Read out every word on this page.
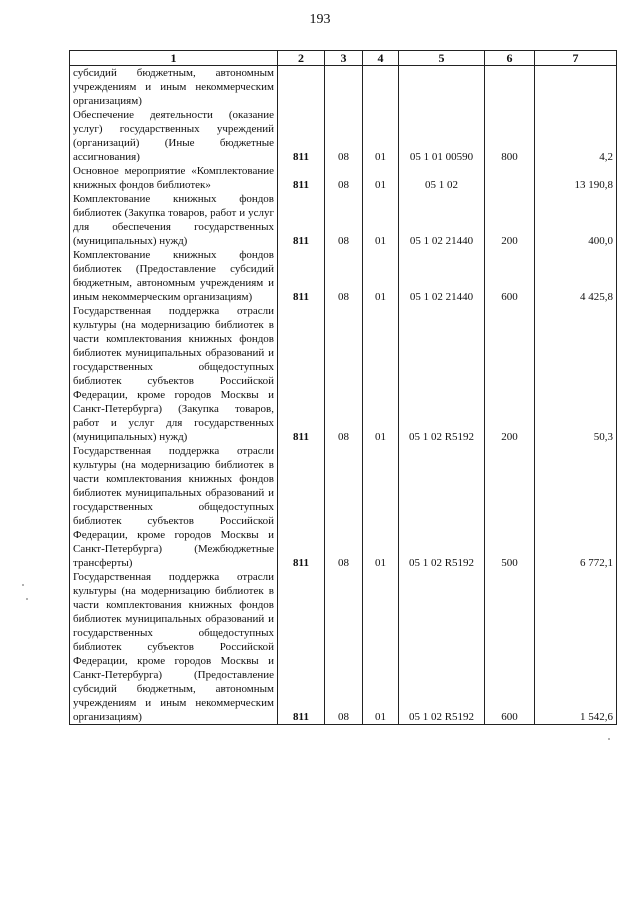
193
1	2	3	4	5	6	7
субсидий бюджетным, автономным учреждениям и иным некоммерческим организациям)						
Обеспечение деятельности (оказание услуг) государственных учреждений (организаций) (Иные бюджетные ассигнования)	811	08	01	05 1 01 00590	800	4,2
Основное мероприятие «Комплектование книжных фондов библиотек»	811	08	01	05 1 02		13 190,8
Комплектование книжных фондов библиотек (Закупка товаров, работ и услуг для обеспечения государственных (муниципальных) нужд)	811	08	01	05 1 02 21440	200	400,0
Комплектование книжных фондов библиотек (Предоставление субсидий бюджетным, автономным учреждениям и иным некоммерческим организациям)	811	08	01	05 1 02 21440	600	4 425,8
Государственная поддержка отрасли культуры (на модернизацию библиотек в части комплектования книжных фондов библиотек муниципальных образований и государственных общедоступных библиотек субъектов Российской Федерации, кроме городов Москвы и Санкт-Петербурга) (Закупка товаров, работ и услуг для государственных (муниципальных) нужд)	811	08	01	05 1 02 R5192	200	50,3
Государственная поддержка отрасли культуры (на модернизацию библиотек в части комплектования книжных фондов библиотек муниципальных образований и государственных общедоступных библиотек субъектов Российской Федерации, кроме городов Москвы и Санкт-Петербурга) (Межбюджетные трансферты)	811	08	01	05 1 02 R5192	500	6 772,1
Государственная поддержка отрасли культуры (на модернизацию библиотек в части комплектования книжных фондов библиотек муниципальных образований и государственных общедоступных библиотек субъектов Российской Федерации, кроме городов Москвы и Санкт-Петербурга) (Предоставление субсидий бюджетным, автономным учреждениям и иным некоммерческим организациям)	811	08	01	05 1 02 R5192	600	1 542,6
